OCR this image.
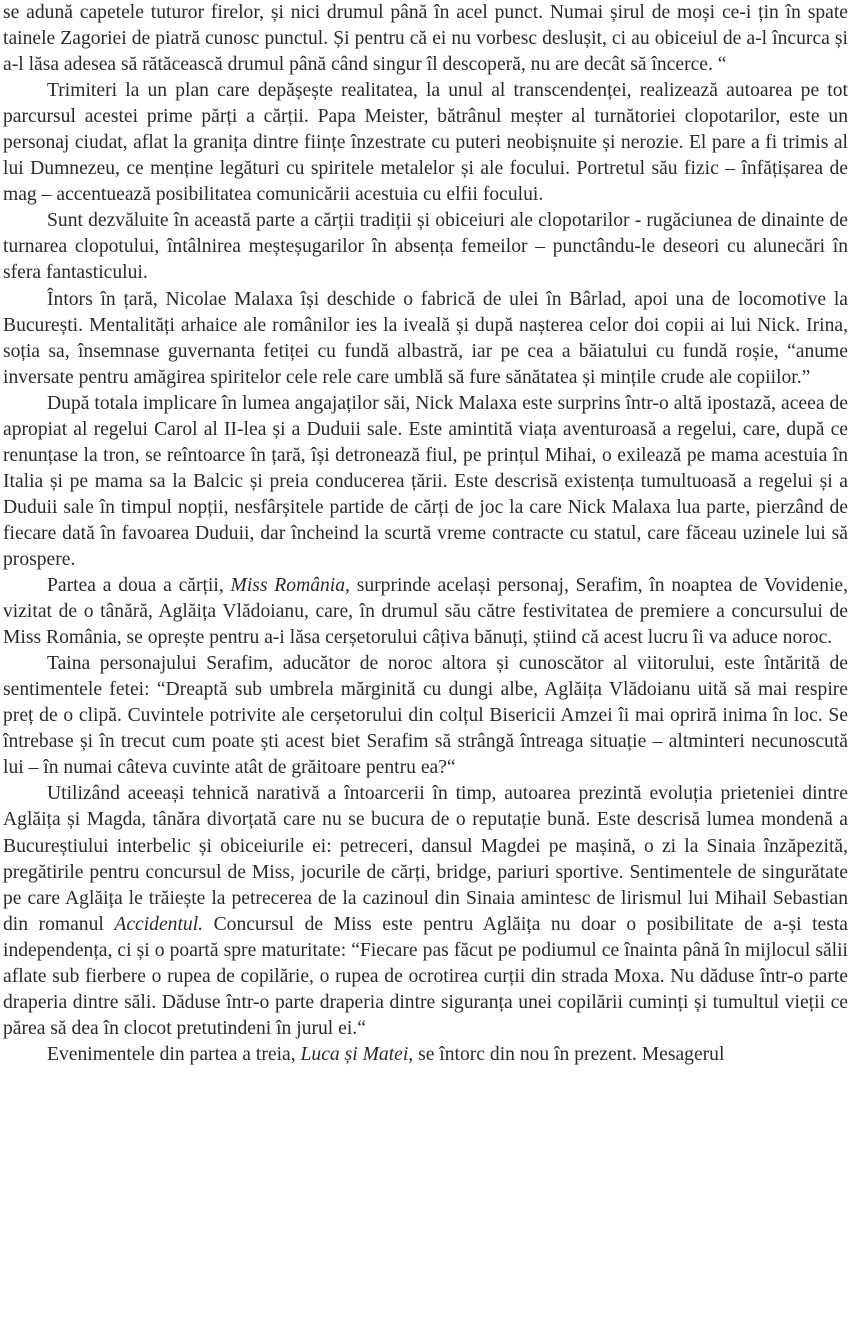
se adună capetele tuturor firelor, și nici drumul până în acel punct. Numai șirul de moși ce-i țin în spate tainele Zagoriei de piatră cunosc punctul. Și pentru că ei nu vorbesc deslușit, ci au obiceiul de a-l încurca și a-l lăsa adesea să rătăcească drumul până când singur îl descoperă, nu are decât să încerce. “

Trimiteri la un plan care depășește realitatea, la unul al transcendenței, realizează autoarea pe tot parcursul acestei prime părți a cărții. Papa Meister, bătrânul meșter al turnătoriei clopotarilor, este un personaj ciudat, aflat la granița dintre ființe înzestrate cu puteri neobișnuite și nerozie. El pare a fi trimis al lui Dumnezeu, ce menține legături cu spiritele metalelor și ale focului. Portretul său fizic – înfățișarea de mag – accentuează posibilitatea comunicării acestuia cu elfii focului.

Sunt dezvăluite în această parte a cărții tradiții și obiceiuri ale clopotarilor - rugăciunea de dinainte de turnarea clopotului, întâlnirea meșteșugarilor în absența femeilor – punctându-le deseori cu alunecări în sfera fantasticului.

Întors în țară, Nicolae Malaxa își deschide o fabrică de ulei în Bârlad, apoi una de locomotive la București. Mentalități arhaice ale românilor ies la iveală și după nașterea celor doi copii ai lui Nick. Irina, soția sa, însemnase guvernanta fetiței cu fundă albastră, iar pe cea a băiatului cu fundă roșie, “anume inversate pentru amăgirea spiritelor cele rele care umblă să fure sănătatea și mințile crude ale copiilor.”

După totala implicare în lumea angajaților săi, Nick Malaxa este surprins într-o altă ipostază, aceea de apropiat al regelui Carol al II-lea și a Duduii sale. Este amintită viața aventuroasă a regelui, care, după ce renunțase la tron, se reîntoarce în țară, își detronează fiul, pe prințul Mihai, o exilează pe mama acestuia în Italia și pe mama sa la Balcic și preia conducerea țării. Este descrisă existența tumultuoasă a regelui și a Duduii sale în timpul nopții, nesfârșitele partide de cărți de joc la care Nick Malaxa lua parte, pierzând de fiecare dată în favoarea Duduii, dar încheind la scurtă vreme contracte cu statul, care făceau uzinele lui să prospere.

Partea a doua a cărții, Miss România, surprinde același personaj, Serafim, în noaptea de Vovidenie, vizitat de o tânără, Aglăița Vlădoianu, care, în drumul său către festivitatea de premiere a concursului de Miss România, se oprește pentru a-i lăsa cerșetorului câțiva bănuți, știind că acest lucru îi va aduce noroc.

Taina personajului Serafim, aducător de noroc altora și cunoscător al viitorului, este întărită de sentimentele fetei: “Dreaptă sub umbrela mărginită cu dungi albe, Aglăița Vlădoianu uită să mai respire preț de o clipă. Cuvintele potrivite ale cerșetorului din colțul Bisericii Amzei îi mai opriră inima în loc. Se întrebase și în trecut cum poate ști acest biet Serafim să strângă întreaga situație – altminteri necunoscută lui – în numai câteva cuvinte atât de grăitoare pentru ea?“

Utilizând aceeași tehnică narativă a întoarcerii în timp, autoarea prezintă evoluția prieteniei dintre Aglăița și Magda, tânăra divorțată care nu se bucura de o reputație bună. Este descrisă lumea mondenă a Bucureștiului interbelic și obiceiurile ei: petreceri, dansul Magdei pe mașină, o zi la Sinaia înzăpezită, pregătirile pentru concursul de Miss, jocurile de cărți, bridge, pariuri sportive. Sentimentele de singurătate pe care Aglăița le trăiește la petrecerea de la cazinoul din Sinaia amintesc de lirismul lui Mihail Sebastian din romanul Accidentul. Concursul de Miss este pentru Aglăița nu doar o posibilitate de a-și testa independența, ci și o poartă spre maturitate: “Fiecare pas făcut pe podiumul ce înainta până în mijlocul sălii aflate sub fierbere o rupea de copilărie, o rupea de ocrotirea curții din strada Moxa. Nu dăduse într-o parte draperia dintre săli. Dăduse într-o parte draperia dintre siguranța unei copilării cuminți și tumultul vieții ce părea să dea în clocot pretutindeni în jurul ei.“

Evenimentele din partea a treia, Luca și Matei, se întorc din nou în prezent. Mesagerul
